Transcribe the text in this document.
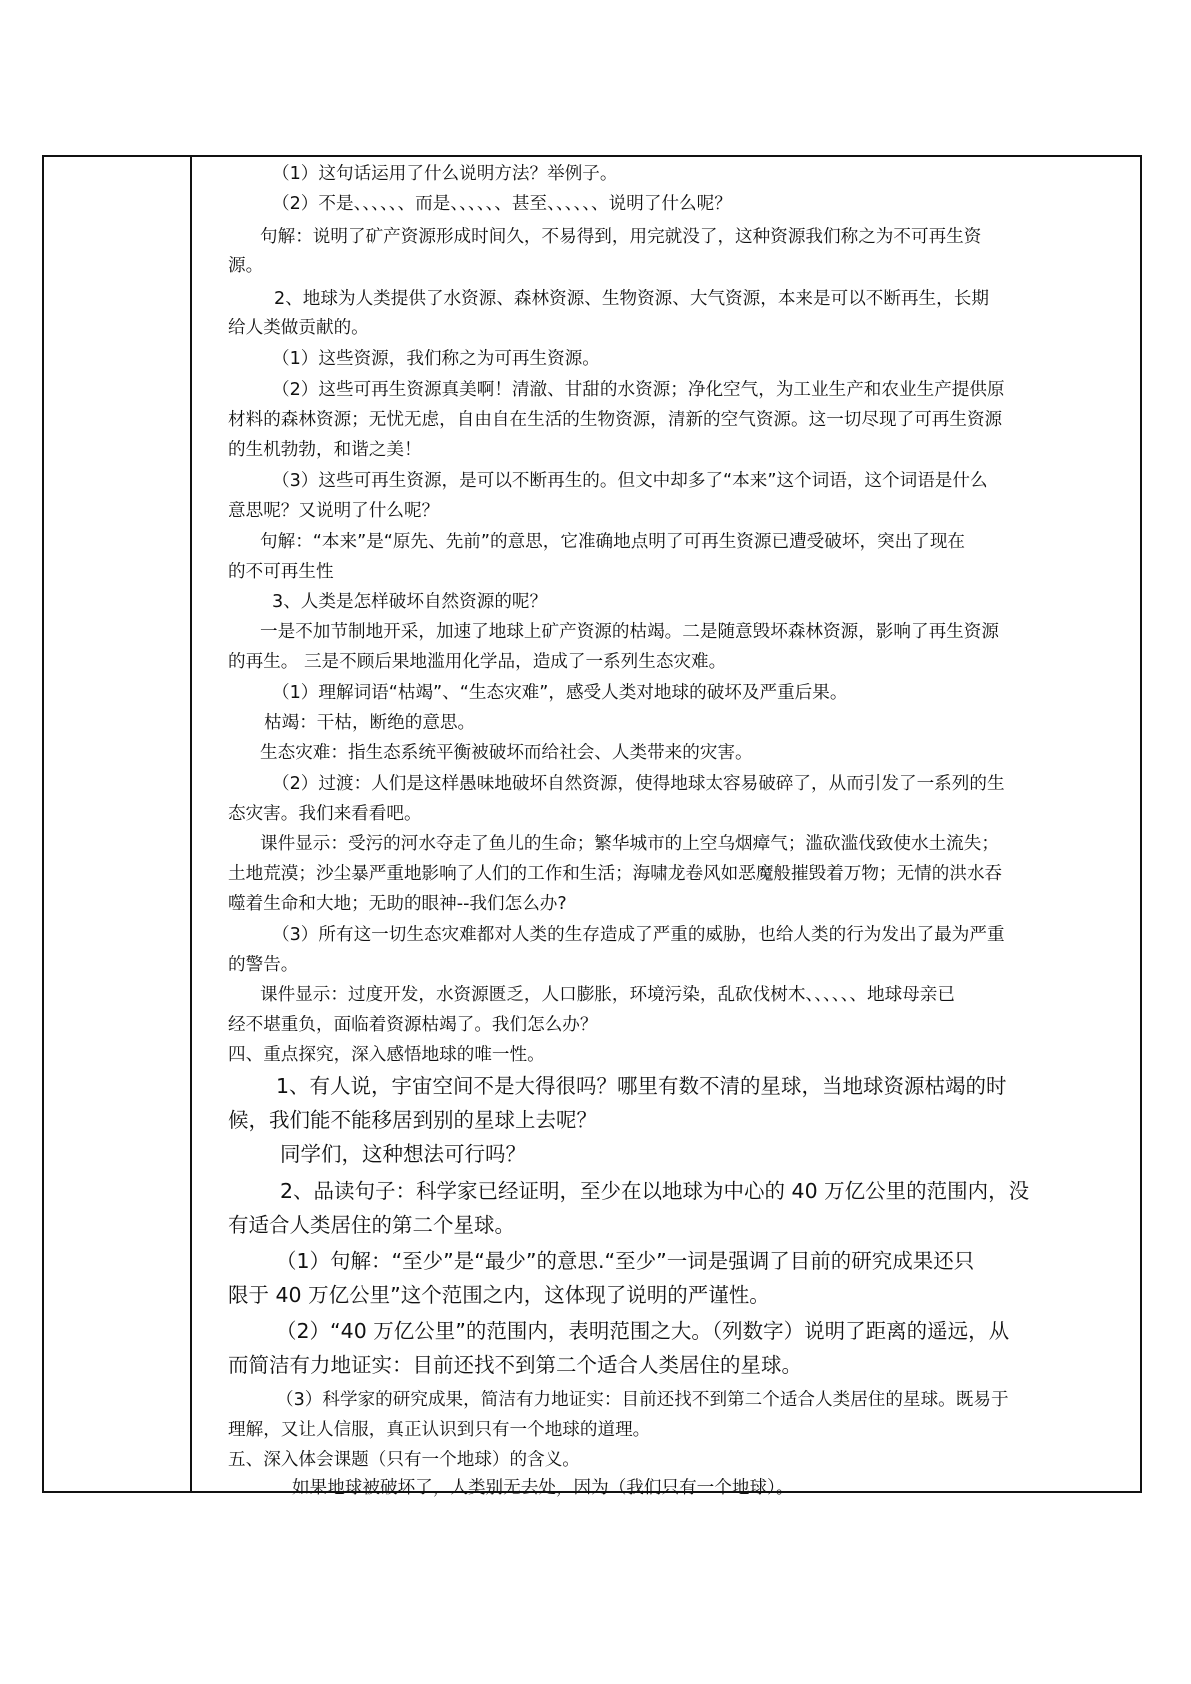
（1）这句话运用了什么说明方法？举例子。
（2）不是、、、、、、而是、、、、、、甚至、、、、、、说明了什么呢？
句解：说明了矿产资源形成时间久，不易得到，用完就没了，这种资源我们称之为不可再生资
源。
2、地球为人类提供了水资源、森林资源、生物资源、大气资源，本来是可以不断再生，长期
给人类做贡献的。
（1）这些资源，我们称之为可再生资源。
（2）这些可再生资源真美啊！清澈、甘甜的水资源；净化空气，为工业生产和农业生产提供原
材料的森林资源；无忧无虑，自由自在生活的生物资源，清新的空气资源。这一切尽现了可再生资源
的生机勃勃，和谐之美！
（3）这些可再生资源，是可以不断再生的。但文中却多了“本来”这个词语，这个词语是什么
意思呢？又说明了什么呢？
句解：“本来”是“原先、先前”的意思，它准确地点明了可再生资源已遭受破坏，突出了现在
的不可再生性
3、人类是怎样破坏自然资源的呢？
一是不加节制地开采，加速了地球上矿产资源的枯竭。二是随意毁坏森林资源，影响了再生资源
的再生。 三是不顾后果地滥用化学品，造成了一系列生态灾难。
（1）理解词语“枯竭”、“生态灾难”，感受人类对地球的破坏及严重后果。
枯竭：干枯，断绝的意思。
生态灾难：指生态系统平衡被破坏而给社会、人类带来的灾害。
（2）过渡：人们是这样愚味地破坏自然资源，使得地球太容易破碎了，从而引发了一系列的生
态灾害。我们来看看吧。
课件显示：受污的河水夺走了鱼儿的生命；繁华城市的上空乌烟瘴气；滥砍滥伐致使水土流失；
土地荒漠；沙尘暴严重地影响了人们的工作和生活；海啸龙卷风如恶魔般摧毁着万物；无情的洪水吞
噬着生命和大地；无助的眼神--我们怎么办?
（3）所有这一切生态灾难都对人类的生存造成了严重的威胁，也给人类的行为发出了最为严重
的警告。
课件显示：过度开发，水资源匮乏，人口膨胀，环境污染，乱砍伐树木、、、、、、地球母亲已
经不堪重负，面临着资源枯竭了。我们怎么办？
四、重点探究，深入感悟地球的唯一性。
1、有人说，宇宙空间不是大得很吗？哪里有数不清的星球，当地球资源枯竭的时
候，我们能不能移居到别的星球上去呢？
同学们，这种想法可行吗？
2、品读句子：科学家已经证明，至少在以地球为中心的 40 万亿公里的范围内，没
有适合人类居住的第二个星球。
（1）句解：“至少”是“最少”的意思.“至少”一词是强调了目前的研究成果还只
限于 40 万亿公里”这个范围之内，这体现了说明的严谨性。
（2）“40 万亿公里”的范围内，表明范围之大。（列数字）说明了距离的遥远，从
而简洁有力地证实：目前还找不到第二个适合人类居住的星球。
（3）科学家的研究成果，简洁有力地证实：目前还找不到第二个适合人类居住的星球。既易于
理解，又让人信服，真正认识到只有一个地球的道理。
五、深入体会课题（只有一个地球）的含义。
如果地球被破坏了，人类别无去处，因为（我们只有一个地球）。
